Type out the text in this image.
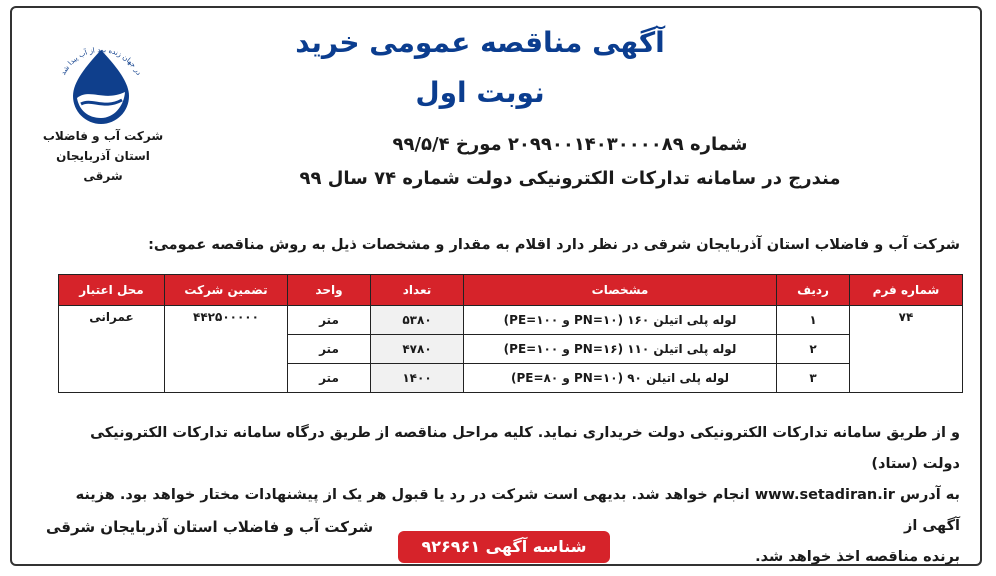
در جهان زنده بود از آب پیدا شد
شرکت آب و فاضلاب
استان آذربایجان
شرقی
آگهی مناقصه عمومی خرید
نوبت اول
شماره ۲۰۹۹۰۰۱۴۰۳۰۰۰۰۸۹ مورخ ۹۹/۵/۴
مندرج در سامانه تدارکات الکترونیکی دولت شماره ۷۴ سال ۹۹
شرکت آب و فاضلاب استان آذربایجان شرقی در نظر دارد اقلام به مقدار و مشخصات ذیل به روش مناقصه عمومی:
شماره فرم	ردیف	مشخصات	تعداد	واحد	تضمین شرکت	محل اعتبار
۷۴	۱	لوله پلی اتیلن ۱۶۰ (PN=۱۰ و PE=۱۰۰)	۵۳۸۰	متر	۴۴۲۵۰۰۰۰۰	عمرانی
	۲	لوله پلی اتیلن ۱۱۰ (PN=۱۶ و PE=۱۰۰)	۴۷۸۰	متر		
	۳	لوله پلی اتیلن ۹۰ (PN=۱۰ و PE=۸۰)	۱۴۰۰	متر		
و از طریق سامانه تدارکات الکترونیکی دولت خریداری نماید. کلیه مراحل مناقصه از طریق درگاه سامانه تدارکات الکترونیکی دولت (ستاد)
به آدرس www.setadiran.ir انجام خواهد شد. بدیهی است شرکت در رد یا قبول هر یک از پیشنهادات مختار خواهد بود. هزینه آگهی از
برنده مناقصه اخذ خواهد شد.
شرکت آب و فاضلاب استان آذربایجان شرقی
شناسه آگهی ۹۲۶۹۶۱
